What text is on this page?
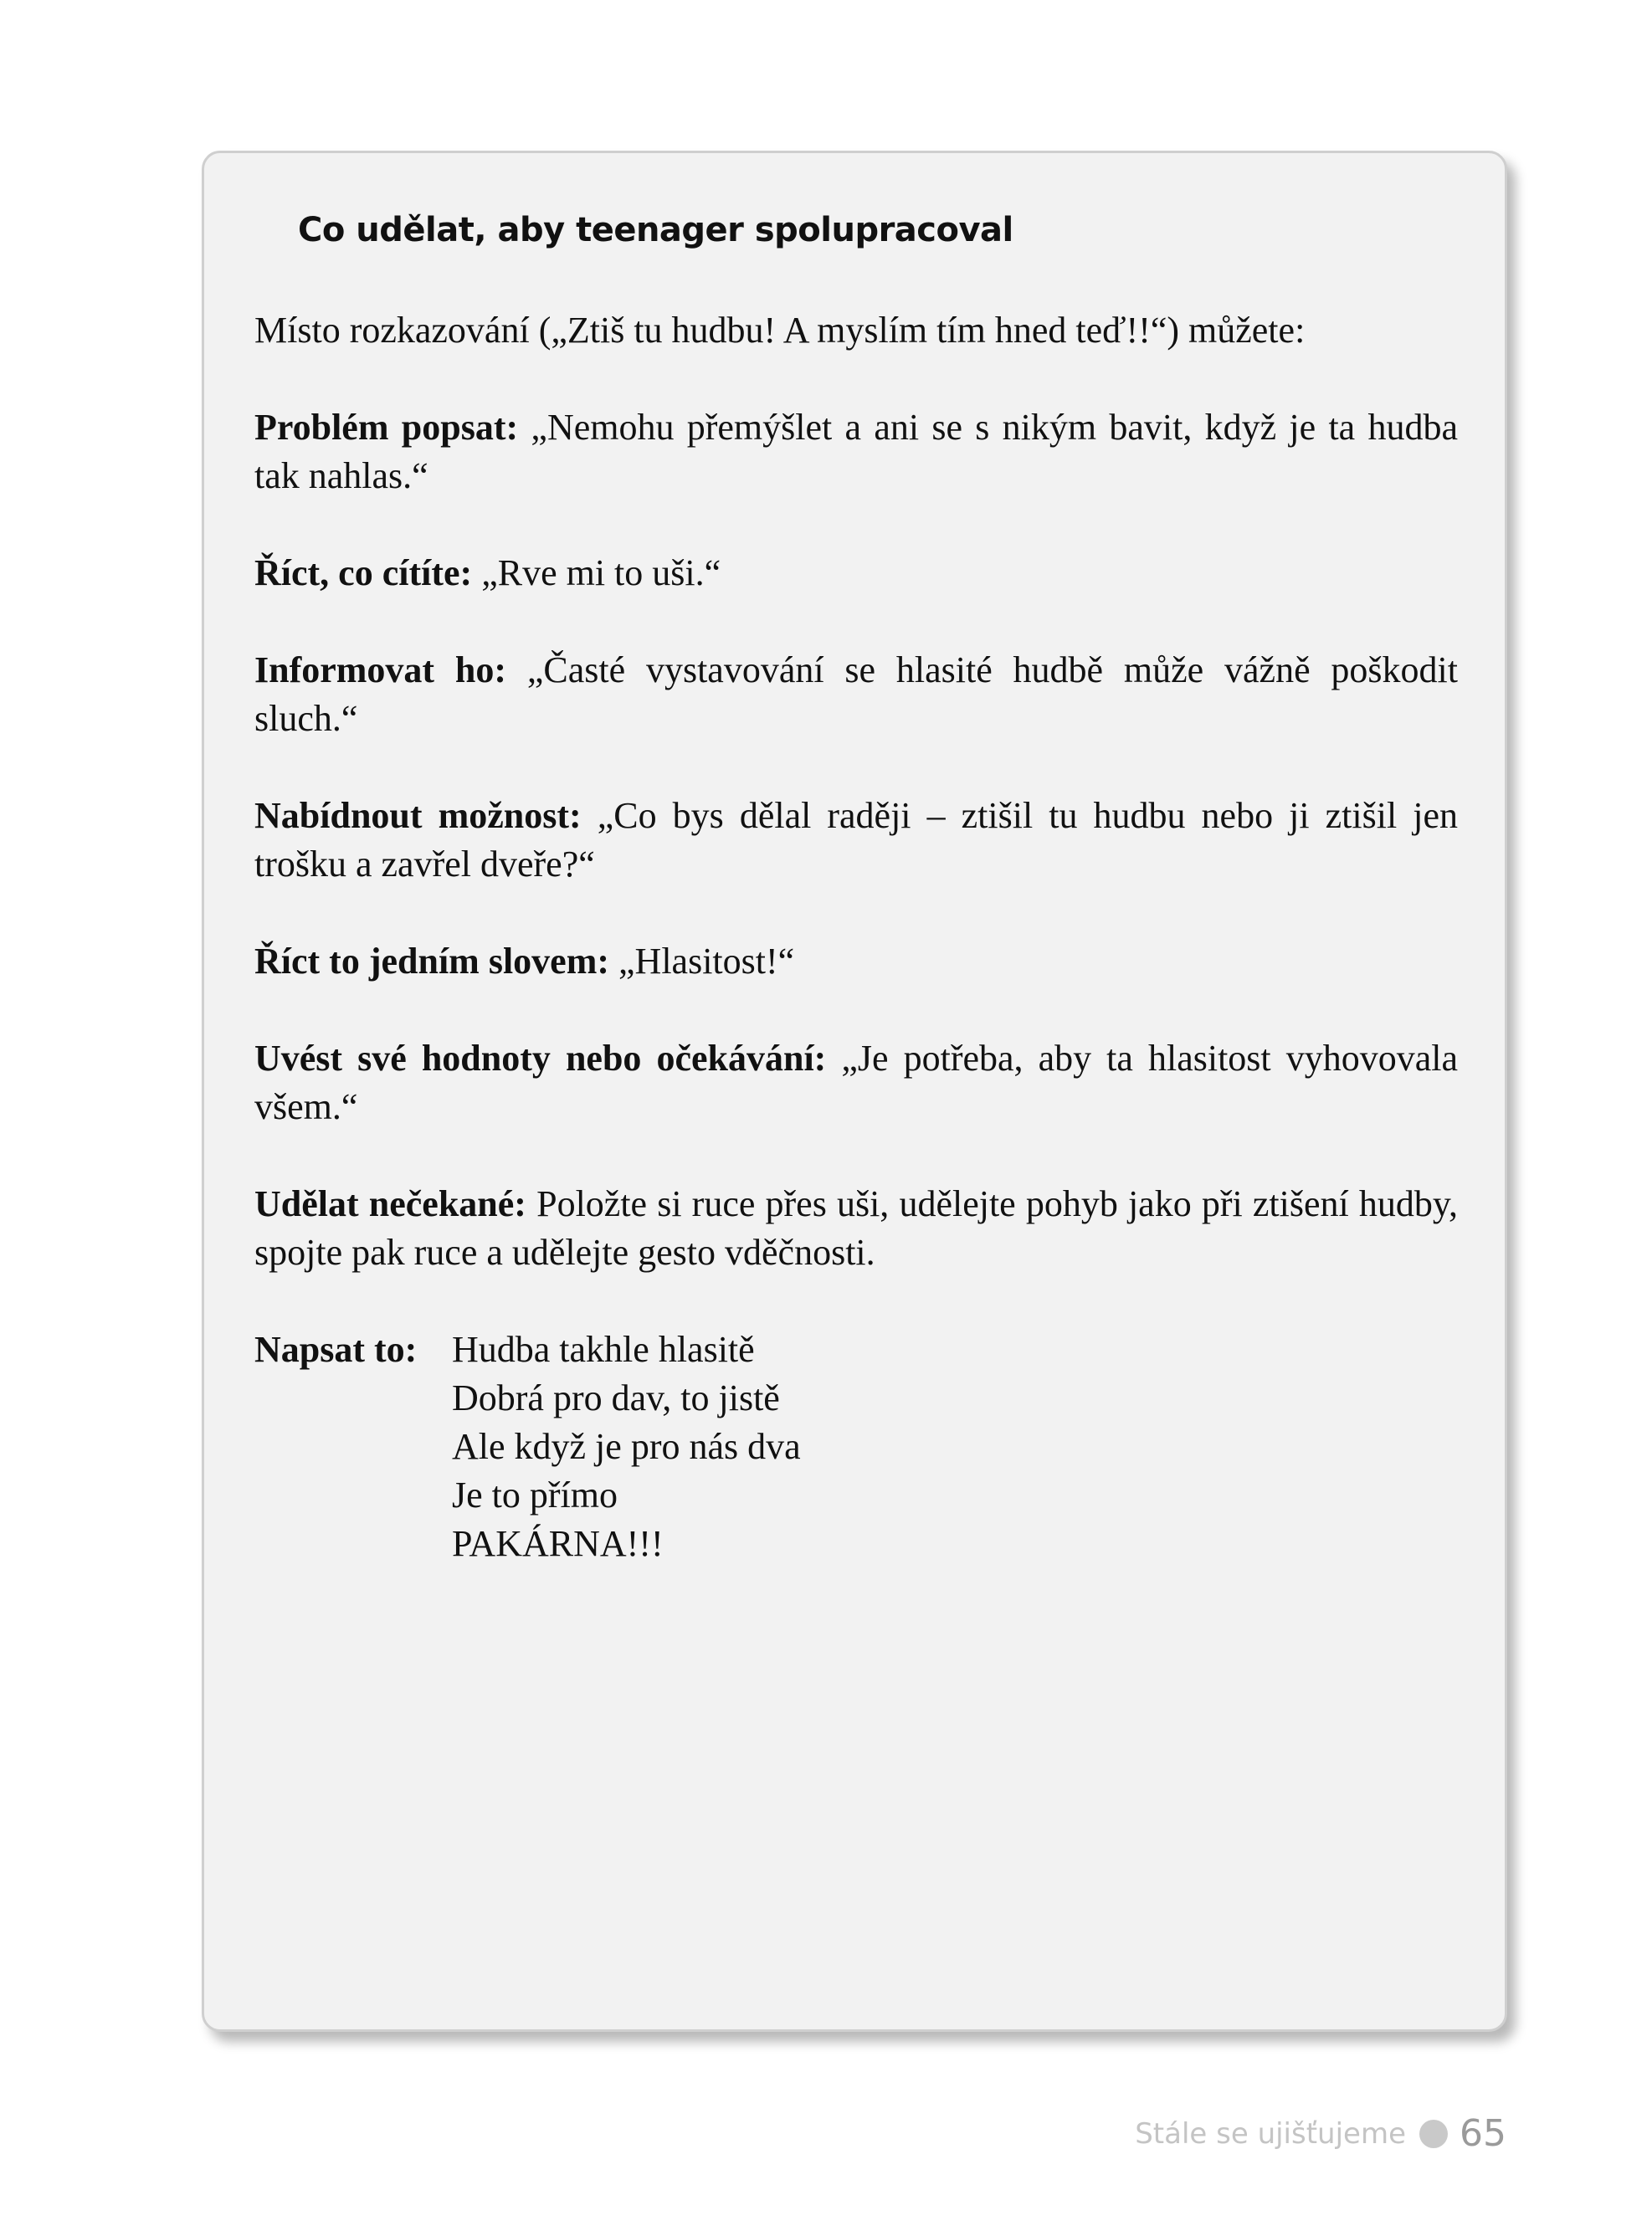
Co udělat, aby teenager spolupracoval

Místo rozkazování („Ztiš tu hudbu! A myslím tím hned teď!!“) můžete:

Problém popsat: „Nemohu přemýšlet a ani se s nikým bavit, když je ta hudba tak nahlas.“

Říct, co cítíte: „Rve mi to uši.“

Informovat ho: „Časté vystavování se hlasité hudbě může vážně poškodit sluch.“

Nabídnout možnost: „Co bys dělal raději – ztišil tu hudbu nebo ji ztišil jen trošku a zavřel dveře?“

Říct to jedním slovem: „Hlasitost!“

Uvést své hodnoty nebo očekávání: „Je potřeba, aby ta hlasitost vyhovovala všem.“

Udělat nečekané: Položte si ruce přes uši, udělejte pohyb jako při ztišení hudby, spojte pak ruce a udělejte gesto vděčnosti.

Napsat to: Hudba takhle hlasitě
Dobrá pro dav, to jistě
Ale když je pro nás dva
Je to přímo
PAKÁRNA!!!
Stále se ujišťujeme 65
